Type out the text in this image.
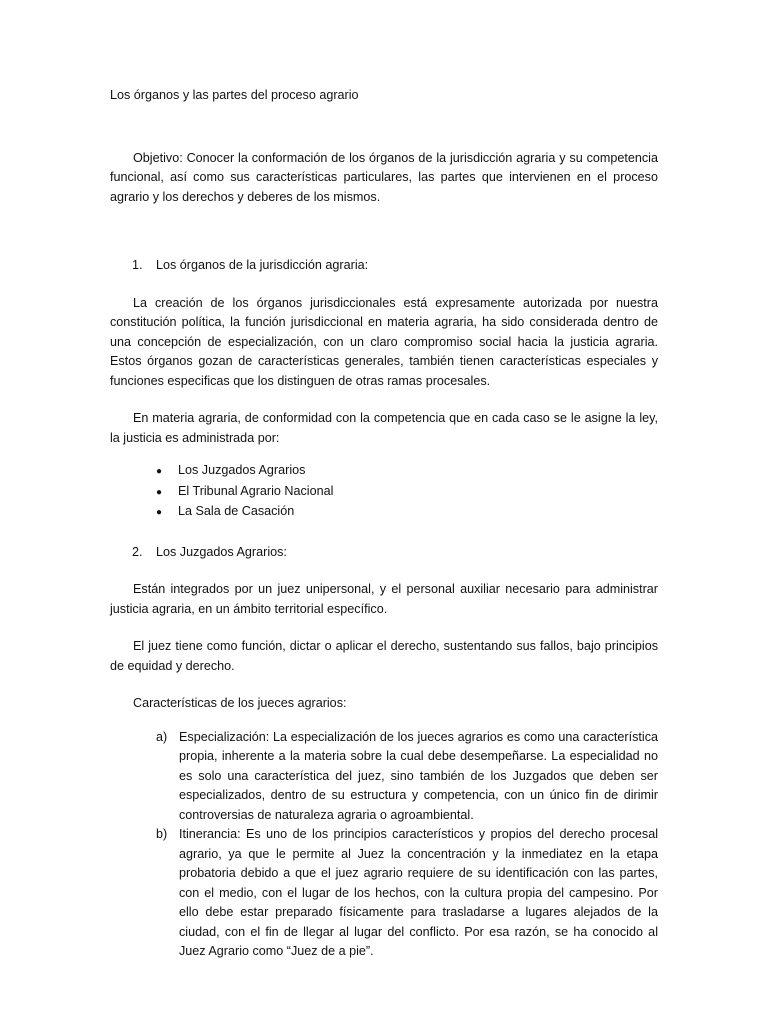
Los órganos y las partes del proceso agrario

Objetivo: Conocer la conformación de los órganos de la jurisdicción agraria y su competencia funcional, así como sus características particulares, las partes que intervienen en el proceso agrario y los derechos y deberes de los mismos.

1.	Los órganos de la jurisdicción agraria:

La creación de los órganos jurisdiccionales está expresamente autorizada por nuestra constitución política, la función jurisdiccional en materia agraria, ha sido considerada dentro de una concepción de especialización, con un claro compromiso social hacia la justicia agraria. Estos órganos gozan de características generales, también tienen características especiales y funciones especificas que los distinguen de otras ramas procesales.

En materia agraria, de conformidad con la competencia que en cada caso se le asigne la ley, la justicia es administrada por:

●	Los Juzgados Agrarios
●	El Tribunal Agrario Nacional
●	La Sala de Casación
2.	Los Juzgados Agrarios:

Están integrados por un juez unipersonal, y el personal auxiliar necesario para administrar justicia agraria, en un ámbito territorial específico.

El juez tiene como función, dictar o aplicar el derecho, sustentando sus fallos, bajo principios de equidad y derecho.

Características de los jueces agrarios:

a) Especialización: La especialización de los jueces agrarios es como una característica propia, inherente a la materia sobre la cual debe desempeñarse. La especialidad no es solo una característica del juez, sino también de los Juzgados que deben ser especializados, dentro de su estructura y competencia, con un único fin de dirimir controversias de naturaleza agraria o agroambiental.
b) Itinerancia: Es uno de los principios característicos y propios del derecho procesal agrario, ya que le permite al Juez la concentración y la inmediatez en la etapa probatoria debido a que el juez agrario requiere de su identificación con las partes, con el medio, con el lugar de los hechos, con la cultura propia del campesino. Por ello debe estar preparado físicamente para trasladarse a lugares alejados de la ciudad, con el fin de llegar al lugar del conflicto. Por esa razón, se ha conocido al Juez Agrario como “Juez de a pie”.
